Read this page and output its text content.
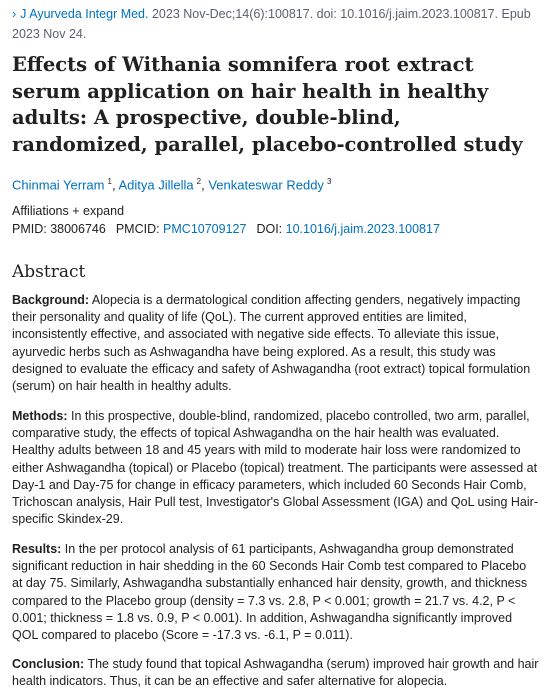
› J Ayurveda Integr Med. 2023 Nov-Dec;14(6):100817. doi: 10.1016/j.jaim.2023.100817. Epub 2023 Nov 24.
Effects of Withania somnifera root extract serum application on hair health in healthy adults: A prospective, double-blind, randomized, parallel, placebo-controlled study
Chinmai Yerram $^1$, Aditya Jillella $^2$, Venkateswar Reddy $^3$
Affiliations + expand
PMID: 38006746 PMCID: PMC10709127 DOI: 10.1016/j.jaim.2023.100817
Abstract

Background: Alopecia is a dermatological condition affecting genders, negatively impacting their personality and quality of life (QoL). The current approved entities are limited, inconsistently effective, and associated with negative side effects. To alleviate this issue, ayurvedic herbs such as Ashwagandha have being explored. As a result, this study was designed to evaluate the efficacy and safety of Ashwagandha (root extract) topical formulation (serum) on hair health in healthy adults.

Methods: In this prospective, double-blind, randomized, placebo controlled, two arm, parallel, comparative study, the effects of topical Ashwagandha on the hair health was evaluated. Healthy adults between 18 and 45 years with mild to moderate hair loss were randomized to either Ashwagandha (topical) or Placebo (topical) treatment. The participants were assessed at Day-1 and Day-75 for change in efficacy parameters, which included 60 Seconds Hair Comb, Trichoscan analysis, Hair Pull test, Investigator's Global Assessment (IGA) and QoL using Hair-specific Skindex-29.

Results: In the per protocol analysis of 61 participants, Ashwagandha group demonstrated significant reduction in hair shedding in the 60 Seconds Hair Comb test compared to Placebo at day 75. Similarly, Ashwagandha substantially enhanced hair density, growth, and thickness compared to the Placebo group (density = 7.3 vs. 2.8, P < 0.001; growth = 21.7 vs. 4.2, P < 0.001; thickness = 1.8 vs. 0.9, P < 0.001). In addition, Ashwagandha significantly improved QOL compared to placebo (Score = -17.3 vs. -6.1, P = 0.011).

Conclusion: The study found that topical Ashwagandha (serum) improved hair growth and hair health indicators. Thus, it can be an effective and safer alternative for alopecia.
